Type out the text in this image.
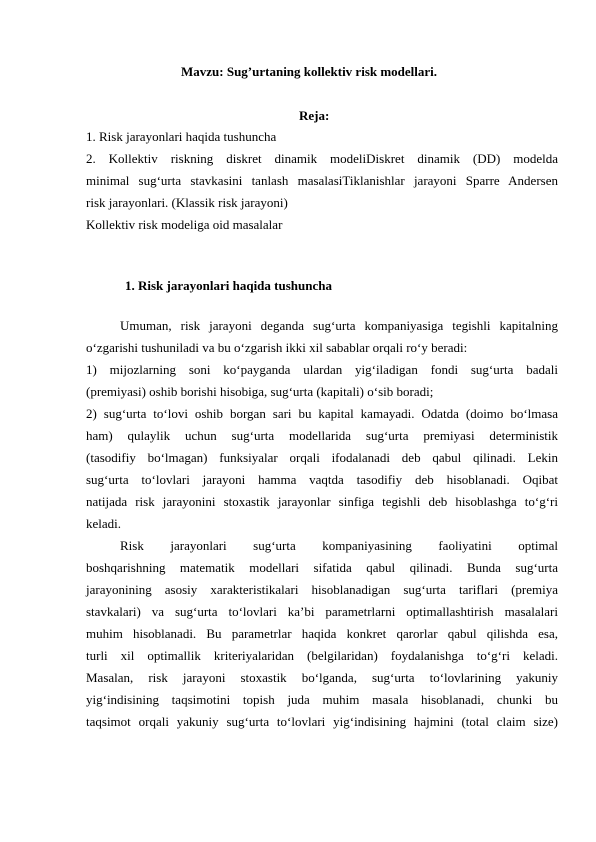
Mavzu: Sug’urtaning kollektiv risk modellari.
Reja:
1. Risk jarayonlari haqida tushuncha
2. Kollektiv riskning diskret dinamik modeliDiskret dinamik (DD) modelda
minimal sug‘urta stavkasini tanlash masalasiTiklanishlar jarayoni Sparre Andersen
risk jarayonlari. (Klassik risk jarayoni)
Kollektiv risk modeliga oid masalalar
1. Risk jarayonlari haqida tushuncha
Umuman, risk jarayoni deganda sug‘urta kompaniyasiga tegishli kapitalning
o‘zgarishi tushuniladi va bu o‘zgarish ikki xil sabablar orqali ro‘y beradi:
1) mijozlarning soni ko‘payganda ulardan yig‘iladigan fondi sug‘urta badali
(premiyasi) oshib borishi hisobiga, sug‘urta (kapitali) o‘sib boradi;
2) sug‘urta to‘lovi oshib borgan sari bu kapital kamayadi. Odatda (doimo bo‘lmasa
ham) qulaylik uchun sug‘urta modellarida sug‘urta premiyasi deterministik
(tasodifiy bo‘lmagan) funksiyalar orqali ifodalanadi deb qabul qilinadi. Lekin
sug‘urta to‘lovlari jarayoni hamma vaqtda tasodifiy deb hisoblanadi. Oqibat
natijada risk jarayonini stoxastik jarayonlar sinfiga tegishli deb hisoblashga to‘g‘ri
keladi.
Risk jarayonlari sug‘urta kompaniyasining faoliyatini optimal
boshqarishning matematik modellari sifatida qabul qilinadi. Bunda sug‘urta
jarayonining asosiy xarakteristikalari hisoblanadigan sug‘urta tariflari (premiya
stavkalari) va sug‘urta to‘lovlari ka’bi parametrlarni optimallashtirish masalalari
muhim hisoblanadi. Bu parametrlar haqida konkret qarorlar qabul qilishda esa,
turli xil optimallik kriteriyalaridan (belgilaridan) foydalanishga to‘g‘ri keladi.
Masalan, risk jarayoni stoxastik bo‘lganda, sug‘urta to‘lovlarining yakuniy
yig‘indisining taqsimotini topish juda muhim masala hisoblanadi, chunki bu
taqsimot orqali yakuniy sug‘urta to‘lovlari yig‘indisining hajmini (total claim size)
